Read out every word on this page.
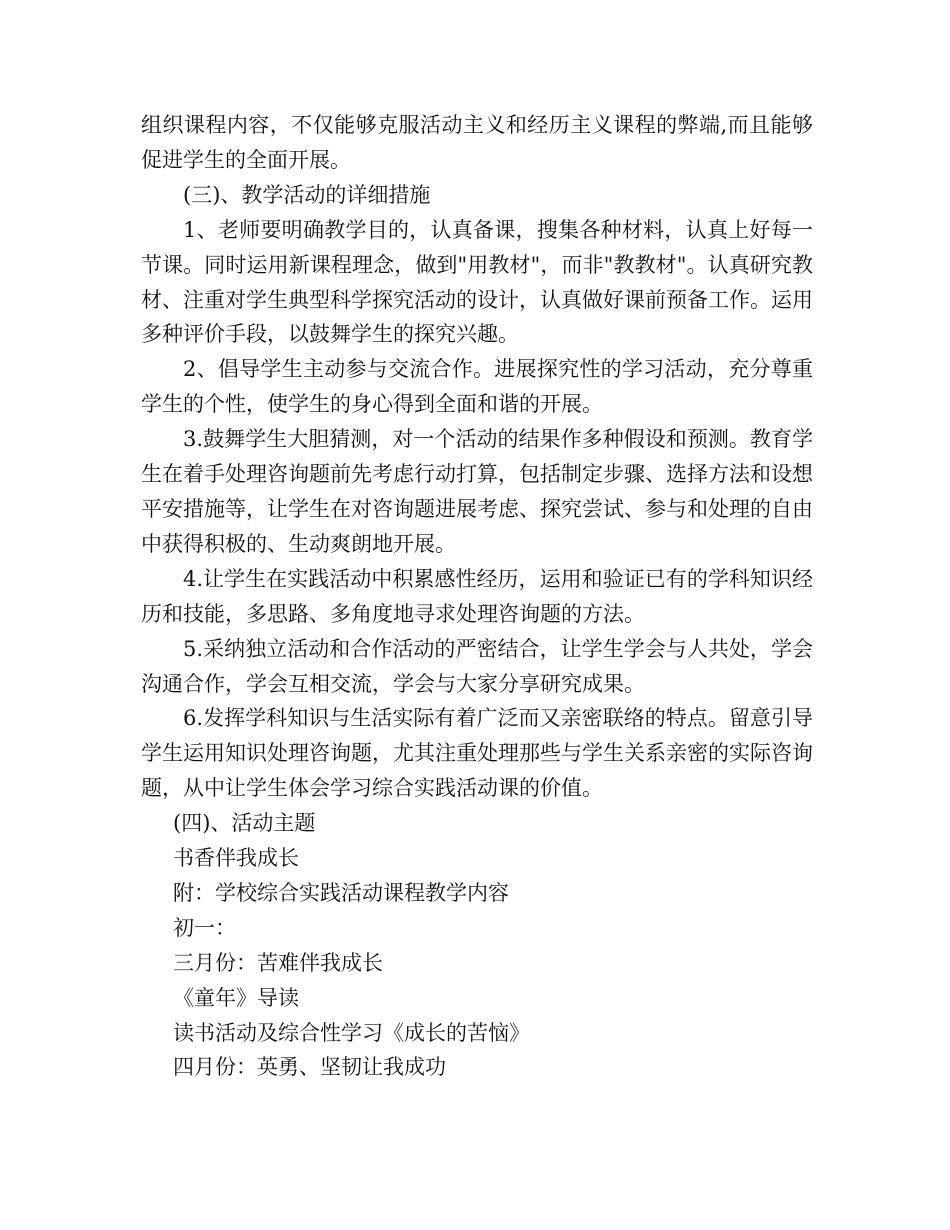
组织课程内容，不仅能够克服活动主义和经历主义课程的弊端,而且能够促进学生的全面开展。

(三)、教学活动的详细措施

1、老师要明确教学目的，认真备课，搜集各种材料，认真上好每一节课。同时运用新课程理念，做到"用教材"，而非"教教材"。认真研究教材、注重对学生典型科学探究活动的设计，认真做好课前预备工作。运用多种评价手段，以鼓舞学生的探究兴趣。

2、倡导学生主动参与交流合作。进展探究性的学习活动，充分尊重学生的个性，使学生的身心得到全面和谐的开展。

3.鼓舞学生大胆猜测，对一个活动的结果作多种假设和预测。教育学生在着手处理咨询题前先考虑行动打算，包括制定步骤、选择方法和设想平安措施等，让学生在对咨询题进展考虑、探究尝试、参与和处理的自由中获得积极的、生动爽朗地开展。

4.让学生在实践活动中积累感性经历，运用和验证已有的学科知识经历和技能，多思路、多角度地寻求处理咨询题的方法。

5.采纳独立活动和合作活动的严密结合，让学生学会与人共处，学会沟通合作，学会互相交流，学会与大家分享研究成果。

6.发挥学科知识与生活实际有着广泛而又亲密联络的特点。留意引导学生运用知识处理咨询题，尤其注重处理那些与学生关系亲密的实际咨询题，从中让学生体会学习综合实践活动课的价值。

(四)、活动主题

书香伴我成长

附：学校综合实践活动课程教学内容

初一：

三月份：苦难伴我成长

《童年》导读

读书活动及综合性学习《成长的苦恼》

四月份：英勇、坚韧让我成功
